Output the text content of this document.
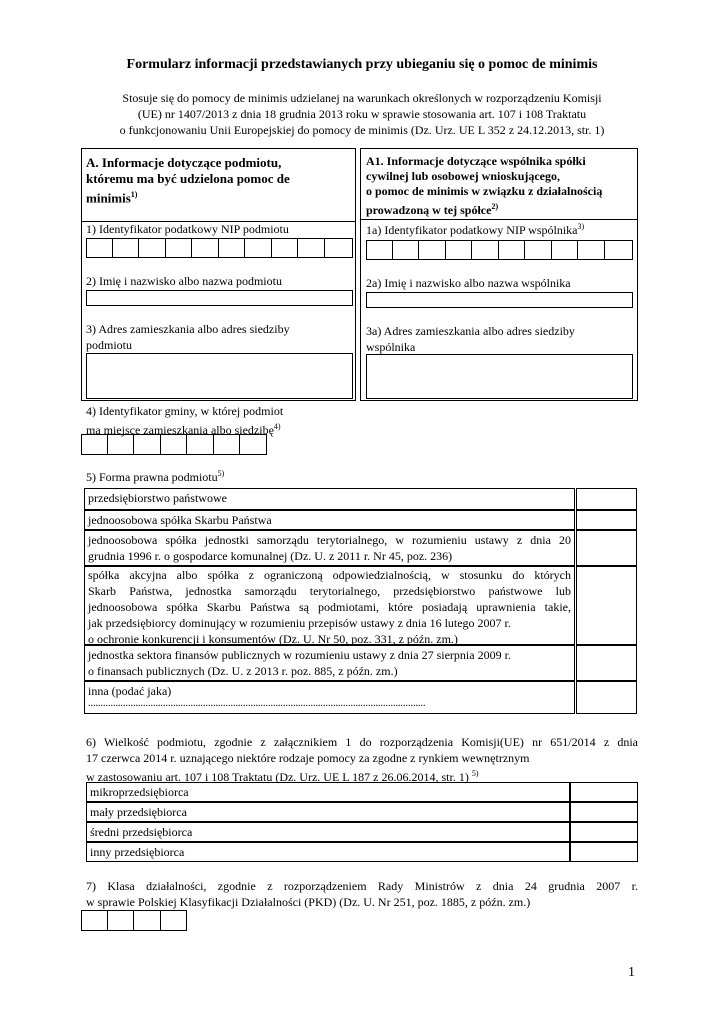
Formularz informacji przedstawianych przy ubieganiu się o pomoc de minimis
Stosuje się do pomocy de minimis udzielanej na warunkach określonych w rozporządzeniu Komisji
(UE) nr 1407/2013 z dnia 18 grudnia 2013 roku w sprawie stosowania art. 107 i 108 Traktatu
o funkcjonowaniu Unii Europejskiej do pomocy de minimis (Dz. Urz. UE L 352 z 24.12.2013, str. 1)
A. Informacje dotyczące podmiotu,
któremu ma być udzielona pomoc de
minimis$^{1)}$
1) Identyfikator podatkowy NIP podmiotu
2) Imię i nazwisko albo nazwa podmiotu
3) Adres zamieszkania albo adres siedziby
podmiotu
A1. Informacje dotyczące wspólnika spółki
cywilnej lub osobowej wnioskującego,
o pomoc de minimis w związku z działalnością
prowadzoną w tej spółce$^{2)}$
1a) Identyfikator podatkowy NIP wspólnika$^{3)}$
2a) Imię i nazwisko albo nazwa wspólnika
3a) Adres zamieszkania albo adres siedziby
wspólnika
4) Identyfikator gminy, w której podmiot
ma miejsce zamieszkania albo siedzibę$^{4)}$
5) Forma prawna podmiotu$^{5)}$
przedsiębiorstwo państwowe
jednoosobowa spółka Skarbu Państwa
jednoosobowa spółka jednostki samorządu terytorialnego, w rozumieniu ustawy z dnia 20
grudnia 1996 r. o gospodarce komunalnej (Dz. U. z 2011 r. Nr 45, poz. 236)
spółka akcyjna albo spółka z ograniczoną odpowiedzialnością, w stosunku do których
Skarb Państwa, jednostka samorządu terytorialnego, przedsiębiorstwo państwowe lub
jednoosobowa spółka Skarbu Państwa są podmiotami, które posiadają uprawnienia takie,
jak przedsiębiorcy dominujący w rozumieniu przepisów ustawy z dnia 16 lutego 2007 r.
o ochronie konkurencji i konsumentów (Dz. U. Nr 50, poz. 331, z późn. zm.)
jednostka sektora finansów publicznych w rozumieniu ustawy z dnia 27 sierpnia 2009 r.
o finansach publicznych (Dz. U. z 2013 r. poz. 885, z późn. zm.)
inna (podać jaka)
.......................................................................................................................................
6) Wielkość podmiotu, zgodnie z załącznikiem 1 do rozporządzenia Komisji(UE) nr 651/2014 z dnia
17 czerwca 2014 r. uznającego niektóre rodzaje pomocy za zgodne z rynkiem wewnętrznym
w zastosowaniu art. 107 i 108 Traktatu (Dz. Urz. UE L 187 z 26.06.2014, str. 1) $^{5)}$
mikroprzedsiębiorca
mały przedsiębiorca
średni przedsiębiorca
inny przedsiębiorca
7) Klasa działalności, zgodnie z rozporządzeniem Rady Ministrów z dnia 24 grudnia 2007 r.
w sprawie Polskiej Klasyfikacji Działalności (PKD) (Dz. U. Nr 251, poz. 1885, z późn. zm.)
1
